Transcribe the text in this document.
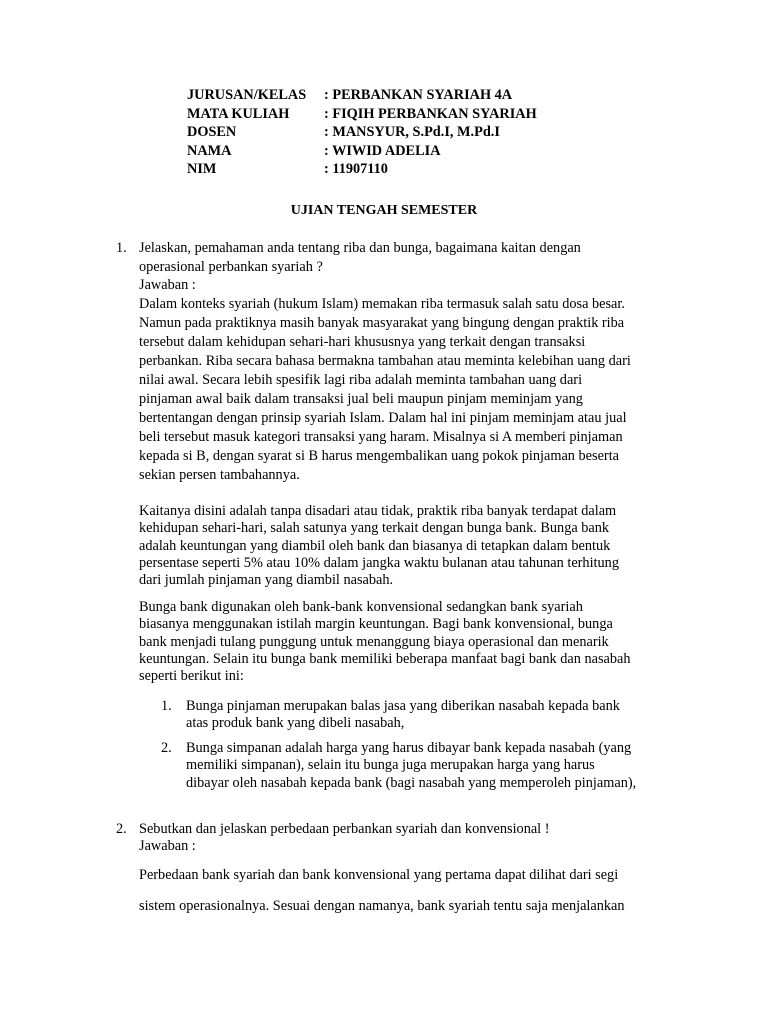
JURUSAN/KELAS	: PERBANKAN SYARIAH 4A
MATA KULIAH	: FIQIH PERBANKAN SYARIAH
DOSEN	: MANSYUR, S.Pd.I, M.Pd.I
NAMA	: WIWID ADELIA
NIM	: 11907110
UJIAN TENGAH SEMESTER
1. Jelaskan, pemahaman anda tentang riba dan bunga, bagaimana kaitan dengan
operasional perbankan syariah ?
Jawaban :
Dalam konteks syariah (hukum Islam) memakan riba termasuk salah satu dosa besar.
Namun pada praktiknya masih banyak masyarakat yang bingung dengan praktik riba
tersebut dalam kehidupan sehari-hari khususnya yang terkait dengan transaksi
perbankan. Riba secara bahasa bermakna tambahan atau meminta kelebihan uang dari
nilai awal. Secara lebih spesifik lagi riba adalah meminta tambahan uang dari
pinjaman awal baik dalam transaksi jual beli maupun pinjam meminjam yang
bertentangan dengan prinsip syariah Islam. Dalam hal ini pinjam meminjam atau jual
beli tersebut masuk kategori transaksi yang haram. Misalnya si A memberi pinjaman
kepada si B, dengan syarat si B harus mengembalikan uang pokok pinjaman beserta
sekian persen tambahannya.
Kaitanya disini adalah tanpa disadari atau tidak, praktik riba banyak terdapat dalam
kehidupan sehari-hari, salah satunya yang terkait dengan bunga bank. Bunga bank
adalah keuntungan yang diambil oleh bank dan biasanya di tetapkan dalam bentuk
persentase seperti 5% atau 10% dalam jangka waktu bulanan atau tahunan terhitung
dari jumlah pinjaman yang diambil nasabah.
Bunga bank digunakan oleh bank-bank konvensional sedangkan bank syariah
biasanya menggunakan istilah margin keuntungan. Bagi bank konvensional, bunga
bank menjadi tulang punggung untuk menanggung biaya operasional dan menarik
keuntungan. Selain itu bunga bank memiliki beberapa manfaat bagi bank dan nasabah
seperti berikut ini:
1. Bunga pinjaman merupakan balas jasa yang diberikan nasabah kepada bank
atas produk bank yang dibeli nasabah,
2. Bunga simpanan adalah harga yang harus dibayar bank kepada nasabah (yang
memiliki simpanan), selain itu bunga juga merupakan harga yang harus
dibayar oleh nasabah kepada bank (bagi nasabah yang memperoleh pinjaman),
2. Sebutkan dan jelaskan perbedaan perbankan syariah dan konvensional !
Jawaban :
Perbedaan bank syariah dan bank konvensional yang pertama dapat dilihat dari segi
sistem operasionalnya. Sesuai dengan namanya, bank syariah tentu saja menjalankan
